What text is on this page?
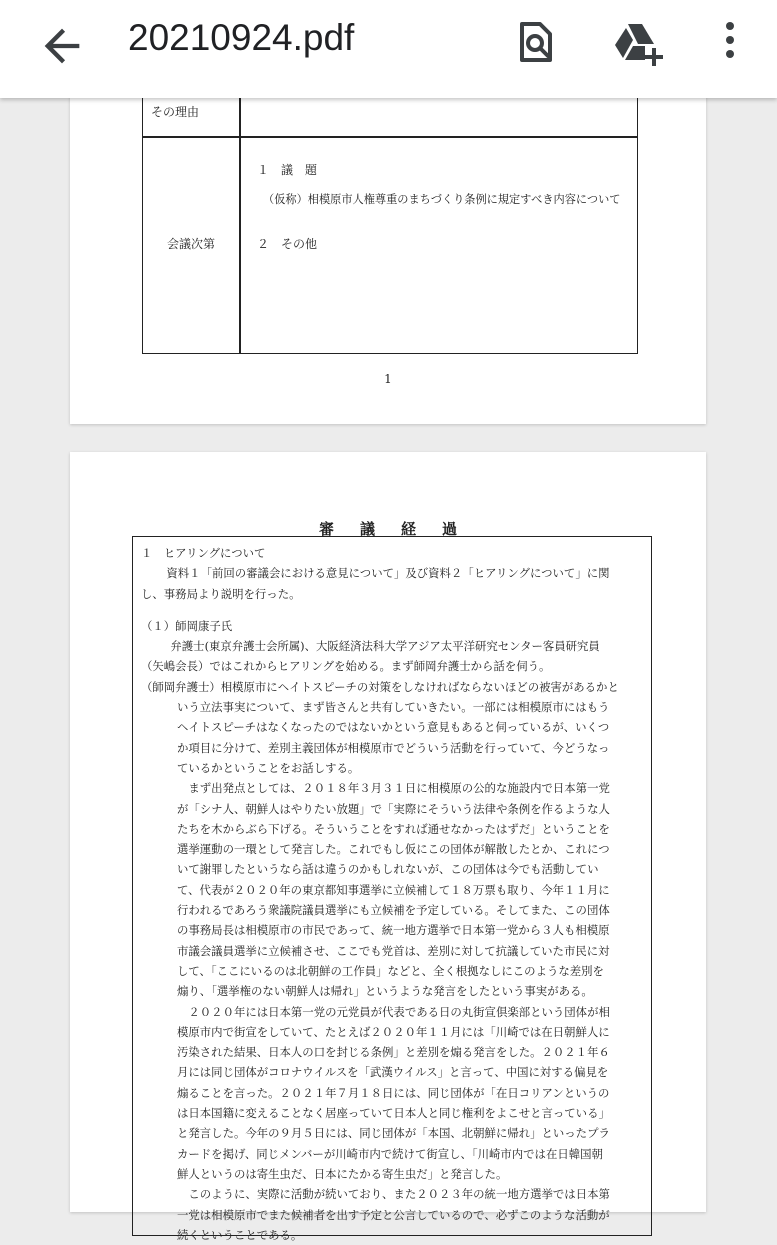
20210924.pdf
その理由
会議次第
１　議　題
（仮称）相模原市人権尊重のまちづくり条例に規定すべき内容について
２　その他
1
審議経過

１　ヒアリングについて

　資料１「前回の審議会における意見について」及び資料２「ヒアリングについて」に関

し、事務局より説明を行った。

（１）師岡康子氏

　弁護士(東京弁護士会所属)、大阪経済法科大学アジア太平洋研究センター客員研究員

（矢嶋会長）ではこれからヒアリングを始める。まず師岡弁護士から話を伺う。

（師岡弁護士）相模原市にヘイトスピーチの対策をしなければならないほどの被害があるかと

いう立法事実について、まず皆さんと共有していきたい。一部には相模原市にはもう

ヘイトスピーチはなくなったのではないかという意見もあると伺っているが、いくつ

か項目に分けて、差別主義団体が相模原市でどういう活動を行っていて、今どうなっ

ているかということをお話しする。

　まず出発点としては、２０１８年３月３１日に相模原の公的な施設内で日本第一党

が「シナ人、朝鮮人はやりたい放題」で「実際にそういう法律や条例を作るような人

たちを木からぶら下げる。そういうことをすれば通せなかったはずだ」ということを

選挙運動の一環として発言した。これでもし仮にこの団体が解散したとか、これにつ

いて謝罪したというなら話は違うのかもしれないが、この団体は今でも活動してい

て、代表が２０２０年の東京都知事選挙に立候補して１８万票も取り、今年１１月に

行われるであろう衆議院議員選挙にも立候補を予定している。そしてまた、この団体

の事務局長は相模原市の市民であって、統一地方選挙で日本第一党から３人も相模原

市議会議員選挙に立候補させ、ここでも党首は、差別に対して抗議していた市民に対

して、「ここにいるのは北朝鮮の工作員」などと、全く根拠なしにこのような差別を

煽り、「選挙権のない朝鮮人は帰れ」というような発言をしたという事実がある。

　２０２０年には日本第一党の元党員が代表である日の丸街宣倶楽部という団体が相

模原市内で街宣をしていて、たとえば２０２０年１１月には「川崎では在日朝鮮人に

汚染された結果、日本人の口を封じる条例」と差別を煽る発言をした。２０２１年６

月には同じ団体がコロナウイルスを「武漢ウイルス」と言って、中国に対する偏見を

煽ることを言った。２０２１年７月１８日には、同じ団体が「在日コリアンというの

は日本国籍に変えることなく居座っていて日本人と同じ権利をよこせと言っている」

と発言した。今年の９月５日には、同じ団体が「本国、北朝鮮に帰れ」といったプラ

カードを掲げ、同じメンバーが川崎市内で続けて街宣し、「川崎市内では在日韓国朝

鮮人というのは寄生虫だ、日本にたかる寄生虫だ」と発言した。

　このように、実際に活動が続いており、また２０２３年の統一地方選挙では日本第

一党は相模原市でまた候補者を出す予定と公言しているので、必ずこのような活動が

続くということである。
